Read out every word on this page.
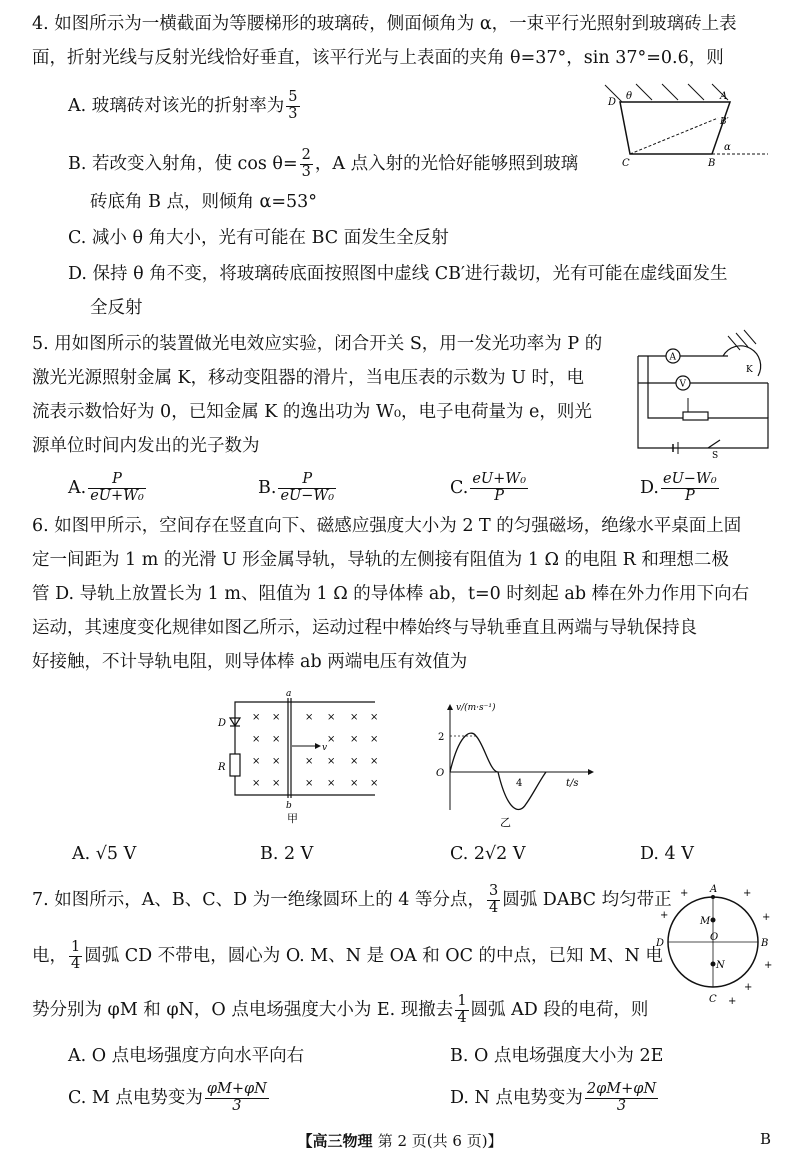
4. 如图所示为一横截面为等腰梯形的玻璃砖，侧面倾角为 α，一束平行光照射到玻璃砖上表
面，折射光线与反射光线恰好垂直，该平行光与上表面的夹角 θ=37°，sin 37°=0.6，则
A. 玻璃砖对该光的折射率为 $\frac{5}{3}$
B. 若改变入射角，使 $\cos \theta= \frac{2}{3}$ ，A 点入射的光恰好能够照到玻璃
砖底角 B 点，则倾角 α=53°
C. 减小 θ 角大小，光有可能在 BC 面发生全反射
D. 保持 θ 角不变，将玻璃砖底面按照图中虚线 CB′进行裁切，光有可能在虚线面发生
全反射
D
θ	A
B′
C	B
α
5. 用如图所示的装置做光电效应实验，闭合开关 S，用一发光功率为 P 的
激光光源照射金属 K，移动变阻器的滑片，当电压表的示数为 U 时，电
流表示数恰好为 0，已知金属 K 的逸出功为 W₀，电子电荷量为 e，则光
源单位时间内发出的光子数为
A. $\frac{P}{\text{eU+W₀}}$	B. $\frac{P}{\text{eU−W₀}}$	C. $\frac{\text{eU+W₀}}{P}$	D. $\frac{\text{eU−W₀}}{P}$
A
V
K
S
6. 如图甲所示，空间存在竖直向下、磁感应强度大小为 2 T 的匀强磁场，绝缘水平桌面上固
定一间距为 1 m 的光滑 U 形金属导轨，导轨的左侧接有阻值为 1 Ω 的电阻 R 和理想二极
管 D. 导轨上放置长为 1 m、阻值为 1 Ω 的导体棒 ab，t=0 时刻起 ab 棒在外力作用下向右
运动，其速度变化规律如图乙所示，运动过程中棒始终与导轨垂直且两端与导轨保持良
好接触，不计导轨电阻，则导体棒 ab 两端电压有效值为
× × × × × ×
× ×	× × ×
× × × × × ×
× × × × × ×
a
b
D
R
v
甲
v/(m·s⁻¹)
2
O
4	t/s
乙
A. √5 V	B. 2 V	C. 2√2 V	D. 4 V
7. 如图所示，A、B、C、D 为一绝缘圆环上的 4 等分点， $\frac{3}{4}$ 圆弧 DABC 均匀带正
电， $\frac{1}{4}$ 圆弧 CD 不带电，圆心为 O. M、N 是 OA 和 OC 的中点，已知 M、N 电
势分别为 φM 和 φN，O 点电场强度大小为 E. 现撤去 $\frac{1}{4}$ 圆弧 AD 段的电荷，则
A. O 点电场强度方向水平向右	B. O 点电场强度大小为 2E
C. M 点电势变为 $\frac{\varphi M+\varphi N}{3}$	D. N 点电势变为 $\frac{2\varphi M+\varphi N}{3}$
A
B
C
D
M
O
N
+
+
+
+
+
+
+
【高三物理 第 2 页(共 6 页)】	B
